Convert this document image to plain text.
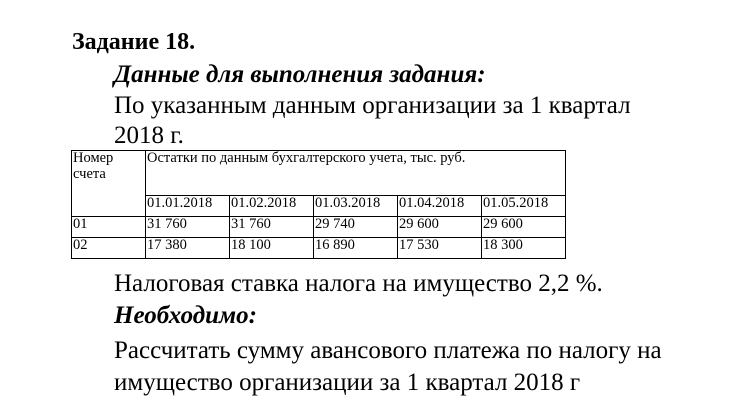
Задание 18.
Данные для выполнения задания:
По указанным данным организации за 1 квартал
2018 г.
Номер
счета	Остатки по данным бухгалтерского учета, тыс. руб.				
	01.01.2018	01.02.2018	01.03.2018	01.04.2018	01.05.2018
01	31 760	31 760	29 740	29 600	29 600
02	17 380	18 100	16 890	17 530	18 300
Налоговая ставка налога на имущество 2,2 %.
Необходимо:
Рассчитать сумму авансового платежа по налогу на
имущество организации за 1 квартал 2018 г
